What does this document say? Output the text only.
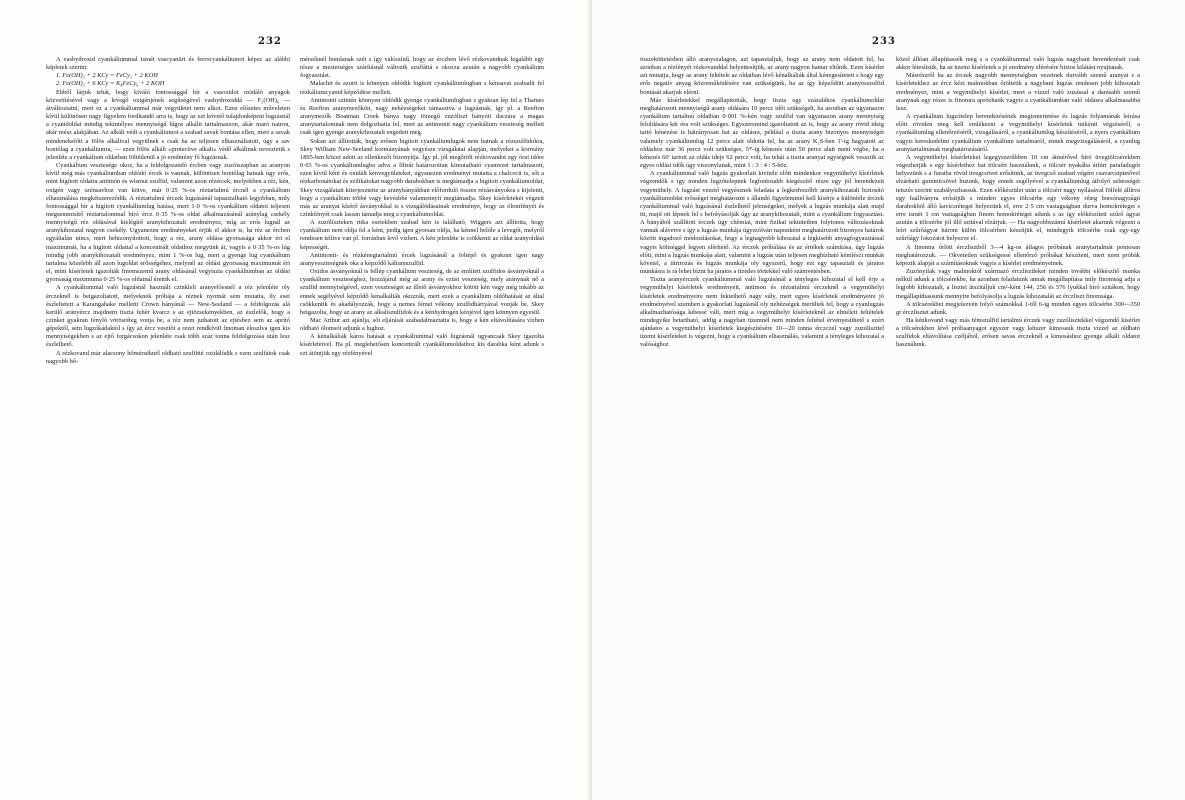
232

A vasbydroxid cyankáliummal ismét vascyanürt és ferrocyankáliumot képez az alábbi képletek szerint:

1. Fe(OH)₂ + 2 KCy = FeCy₂ + 2 KOH

2. Fe(OH)₂ + 6 KCy = K₄FeCy₆ + 2 KOH

Ebből látjuk tehát, hogy kiváló fontossággal bír a vasoxidot oxidáló anyagok közvetítésével vagy a levegő oxigénjének segítségével vashydroxiddá — F₂(OH)₆ — átváltoztatni, mert ez a cyankáliummal már vegyületet nem alkot. Ezen előzetes műveleten kívül különösen nagy figyelem fordítandó arra is, hogy az ezt követő tulajdonképeni lugzásnál a cyanidoldat mindig tekintélyes mennyiségű lúgos alkálit tartalmazzon, akár maró natron, akár mész alakjában. Az alkáli védi a cyankáliumot a szabad savak bontása ellen, mert a savak mindenekelőtt a fölös alkálival vegyülnek s csak ha az teljesen elhasználtatott, úgy a sav bontólag a cyankáliumra, — ezen fölös alkáli »protective alkali« védő alkálinak neveztetik s jelenléte a cyankálium oldatban föltétlenül a jó eredmény fő lugzásnak.

Cyankálium vesztesége okoz, ha a feldolgozandó ércben vagy zuzóiszapban az aranyon kívül még más cyankáliumban oldódó ércek is vannak, különösen bontólag hatnak úgy erős, mint higított oldatra antimón és wismut szulfid, valamint azon rézércek, melyekben a réz, kén, oxigén vagy szénsavhoz van kötve, már 0·25 %-os réztartalmú ércnél a cyankálium elhasználása megkétszereződik. A réztartalmú érczek lugzásánál tapasztalható legjobban, mily fontossággal bír a higított cyankáliumlug hatása, mert 1·0 %-os cyankálium oldatot teljesen megsemmisítő réztartalommal bíró ércz 0·35 %-os oldat alkalmazásánál aránylag csekély mennyiségű réz oldásával kielégítő aranykihozatalt eredményez, míg az erős lugnál az aranykihozatal nagyon csekély. Ugyanezen eredményeket érjük el akkor is, ha réz az ércben egyáltalán nincs, mert behizonyítottott, hogy a réz, arany oldása gyorsasága akkor éri el maximumát, ha a higított oldattal a koncentrált oldathoz megyünk át, vagyis a 0·35 %-os lúg mindig jobb aranykihozatalt eredményez, mint 1 %-os lug, mert a gyenge lug cyankálium tartalma közelebb áll azon lugoldat erősségéhez, melynél az oldási gyorsaság maximumát éri el, mint kísérletek igazolták finomszemű arany oldásánál vegyiszta cyankáliumban az oldási gyorsaság maximuma 0·25 %-os oldatnál érettik el.

A cyankáliummal való lugzásnál használt czinkleli aranyelőesnél a réz jelenléte oly érczeknél is beigazoltatott, melyeknek próbája a réznek nyomát sem mutatta, ily eset észleltetett a Karangahake melletti Crown bányánál — New-Seeland — a feldolgozás alá kerülő arányércz majdnem tiszta fehér kvarcz s az ejtözsekényekben, az észlelők, hogy a czinket gyakran fényló vörösréteg vonja be, a réz nem juthatott az ejtésbez sem az aprító gépektől, sem lugzókádaktól s így az ércz vesztőt a rezet rendkívül finoman eloszlva igen kis mennyiségekben s az ejtő forgácsokon jelenléte csak több száz tonna feldolgozása után lesz észlelhető.

A rézkovand már alacsony hőmérséknél oldható szulfitté oxidálódik s ezen szulfátok csak nagyobb hő-

mérséknél bomlanak szét s így valószínű, hogy az érczben lévő rézkovandnak legalább egy része a mesterséges szárításnál változik szulfáttá s okozza azután a nagyobb cyankálium fogyasztást.

Malachit és azurit is könnyen oldódik higított cyankáliumlugban s kénsavat szabadít fel rézkáliumcyanid képződése mellett.

Antimonit szintén könnyen oldódik gyenge cyankáliumlugban s gyakran lép fel a Thames és Reefton aranymezőkön, nagy nehézségeket támasztva a lugzásnak, így pl. a Reefton aranymezők Boatman Creek bánya nagy tömegű zuzóliszt hányóit daczára a magas aranytartalomnak nem dolgozhatta fel, mert az antimonit nagy cyankálium veszteség mellett csak igen gyenge aranykihozatalt engedett meg.

Sokan azt állították, hogy erősen higított cyankáliumlugok nem hatnak a rézszulfidokra, Skey William New-Seeland kormányának vegyésze vizsgálatai alapján, melyeket a kormány 1895-ben közzé adott az ellenkezőt bizonyítja. Így pl. jól megőrölt rézkovandot egy órai időre 0·03 %-os cyankáliumlugba adva a filtrát határozottan kimutatható cyanrezet tartalmazott, ezen kívül ként és oxidált kénvegyületeket, ugyanezen eredményt mutatta a chalcocit is, sőt a rézkarbonátokat és szilikátokat nagyobb darabokban is megtámadja a higított cyankáliumoldat, Skey vizsgálatait kiterjesztette az aranybányákban előforduló összes rézásványokra s kijelenti, hogy a cyankálium többé vagy kevésbbé valamennyit megtámadja. Skey kísérleteket végzett más az aranyat kísérő ásványokkal is s vizsgálódásainak eredménye, hogy az ólomfényét és czinkfényét csak lassan támadja meg a cyankáliumoldat.

A zuzóliszteken ritka esetekben szabad kén is található, Wiggers azt állította, hogy cyankálium nem oldja fel a ként, pedig igen gyorsan oldja, ha kénnel belóle a levegőt, melyről rendesen telítve van pl. forrásban levő vízben. A kén jelenléte is csökkenti az oldat aranyoldási képességét.

Antimonit- és rézkénegtartalmú ércek lugzásánál a feltépő és gyakran igen nagy aranyveszteségnek oka a képződő káliumszulfid.

Oxidos ásványoknál is fellép cyankálium veszteség, de az említett szulfidos ásványoknál a cyankálium veszteséghez, hozzájárul még az arany és ezüst veszteség, mely aránynak nő a szulfid mennyiségével, ezen veszteséget az illető ásványokhoz kötött kén vagy még inkább az ennek segélyével képződő kénalkáliák okozzák, mert ezek a cyankálium oldóhatását az által csökkentik és akadályozzák, hogy a nemes fémet vékony szulfidhártyával vonják be. Skey beigazolta, hogy az arany az alkaliszulfidok és a kénhydrogén kénjével igen könnyen egyesül.

Mac Arthur azt ajánlja, sőt eljárását szabadalmaztatta is, hogy a kén eltávolítására vízben oldható ólomsót adjunk a lughoz.

A kénalkáliák káros hatását a cyankáliummal való lugzásnál ugyancsak Skey igazolta kísérleteivel. Ha pl. meglehetősen koncentrált cyankáliumoldathoz kis darabka ként adunk s ezt átöntjük egy rézfényével

233

összeköttetésben álló aranyszalagon, azt tapasztaljuk, hogy az arany nem oldatott fel, ha azonban a rézfényét rézkovanddal helyettesítjük, az arany nagyon hamar eltűnik. Ezen kísérlet azt mutatja, hogy az arany feltétele az oldatban lévő kénalkáliák által kénegesítetett s hogy egy erős negatív anyag közreműködésére van szükségünk, ha az így képződött aranyosszulfid bontását akarjuk elérni.

Más kísérletekkel megállapították, hogy tiszta egy százalékos cyankáliumoldat meghatározott mennyiségű arany oldására 10 percz időt szükségelt, ha azonban az ugyanazon cyankálium tartalmú oldatban 0·001 %-kén vagy szulfid van ugyanazon arany mennyiség feloldására két óra volt szükséges. Egyszersmind igazoltatott az is, hogy az arany rövid ideig tartó kénezése is hátrányosan hat az oldásra, például a tiszta arany bizonyos mennyiségét valamely cyankáliumlug 12 percz alatt oldotta fel, ha az arany K₂S-ben 1'-ig hagyatott az oldáshoz már 36 percz volt szükséges, 5⁴'-ig kénezés után 50 percz alatt ment végbe, ha a kénezés 60' tartott az oldás ideje 62 percz volt, ha tehát a tiszta aranyat egységnek vesszük az egyes oldási idők úgy viszonylanak, mint 1 : 3 : 4 : 5-höz.

A cyankáliummal való lugzás gyakorlati kivitele előtt mindenkor vegymühelyi kísérletek végzendők s így minden lugzótelepnek legfontosabb kiegészítő része egy jól berendezett vegymühely. A lugzást vezető vegyésznek feladata a legkedvezőbb aranykihozatalt biztosító cyankáliumoldat erősséget meghatározni s állandó figyelemmel kell kísérje a különféle érczek cyankáliummal való lugzásánál észlelhető jelenségeket, melyek a lugzás munkája alatt majd itt, majd ott lépnek fel s befolyásolják úgy az aranykihozatalt, mint a cyankálium fogyasztást. A bányából szállított érczek úgy chémiai, mint fizikai tekintetben folytonos változásoknak vannak alávetve s így a lugzás munkája úgyszólván naponként meghatározott bizonyos határok között ingadozó módosításokat, hogy a legnagyobb kihozatal a legkisebb anyagfogyasztással vagyis költséggel legyen elérhető. Az érczek próbálása és az értékek számítása, úgy lugzás előtt, mint a lugzás munkája alatt, valamint a lugzás után teljesen megbízható kémlészi munkát követel, a titrirozás és lugzás munkája oly egyszerű, hogy ezt egy tapasztalt és járatos munkásra is rá lehet bízni ha járatos a tizedes törtekkel való számvetésben.

Tiszta aranyérczek cyankáliummal való lugzásánál a tényleges kihozatal el kell érje a vegymühelyi kísérletek eredményeit, antimon és réztartalmú érczeknél a vegymühelyi kísérletek eredményeire nem fektethető nagy súly, mert egyes kísérletek eredményeire jó eredményével szemben a gyakorlati lugzásnál oly nehézségek merültek fel, hogy a cyanlugzás alkalmazhatósága kétessé vált, mert míg a vegymühelyi kísérleteknél az elméleti feltételek mindegyike betartható, addig a nagyban üzemnél nem minden feltétel érvényesíthető s ezért ajánlatos a vegymühelyi kísérletek kiegészítésére 10—20 tonna érczczel vagy zuzóliszttel üzemi kísérleteket is végezni, hogy a cyankálium elhasználás, valamint a tényleges kihozatal a valósághoz

közel állóan állapíttassék meg s a cyankáliummal való lugzás nagybani berendezését csak akkor létesítsük, ha az üzemi kísérletek a jó eredmény elérésére biztos kilátást nyujtanak.

Másrészről ha az érczek nagyobb mennyiségben vezetnek durvább szemű aranyat s a kísérletekhez az ércz kézi malmokban őröltetik a nagybani lugzás rendesen jobb kihozatalt eredményez, mint a vegymühelyi kísérlet, mert a vízzel való zuzással a darásabb szemű aranynak egy része is finomra aprózhatik vagyis a cyankáliumban való oldásra alkalmasabbá lesz.

A cyankálium lugzótelep berendezésének megismertetése és lugzás folyamának leírása előtt röviden meg kell emlékezni a vegymühelyi kísérletek mikénti végzéséről, a cyankáliumlug ellenőrzéséről, vizsgálásáról, a cyankáliumlug készítéséről, a nyers cyankálium vagyis kereskedelmi cyankálium cyankálium tartalmáról, ennek megvizsgálásáról, a cyanlug aranytartalmának meghatározásáról.

A vegymühelyi kísérleteket legegyszerűbben 10 cm átmérővel bíró üvegtölcsérekben végezhetjük s egy kísérlethez hat tölcsért használunk, a tölcsér nyakába átfúrt parafadugót helyezünk s a furatba rövid üvegcsövet erősítünk, az üvegcső szabad végére csavarcsiptetővel elzárható gummicsövet huzunk, hogy ennek segélyével a cyankáliumlug átfolyó sebességét tetszés szerint szabályozhassuk. Ezen előkészület után a tölcsért nagy nyílásával fölfelé állítva egy faállványra erősítjük s minden egyes tölcsérbe egy vékony réteg borsónagyságú darabokból álló kavicsréteget helyezünk el, erre 2·5 cm vastagságban durva homokréteget s erre ismét 1 cm vastagságban finom homokréteget adunk s az így előkészített szűrő ágyat azután a tölcsérbe jól illő szitával elzárjuk. — Ha nagyobbszámú kísérletet akarunk végezni a leírt szűrőágyat három külön tölcsérben készítjük el, mindegyik tölcsérbe csak egy-egy szűrőágy fokozatot helyezve el.

A finomra őrlött érczlisztből 3—4 kg-os átlagos próbának aranytartalmát pontosan meghatározzuk. — Okvetetlen szükségessé ellenőrző próbákat készíteni, mert ezen próbák képezik alapját a számításoknak vagyis a kísérlet eredményeinek.

Zuzónyilak vagy malmoktól származó érczlisztleket minden további előkészítő munka nélkül adunk a tölcsérekbe, ha azonban feladatunk annak megállapítása mily finomság adja a legjobb kihozatalt, a lisztet átszitáljuk cm²-ként 144, 256 és 576 lyukkal bíró szitákon, hogy megállapíthassunk mennyire befolyásolja a lugzás kihozatalát az érczliszt finomsága.

A tölcsérekbet megjelezvén folyó számokkal 1-től 6-ig minden egyes tölcsérbe 300—350 gr érczlisztet adunk.

Ha kénkovand vagy más fémszulfid tartalmú érczek vagy zuzólisztekkel végzendő kísérlet a tölcsérekben lévő próbaanyagot egyszer vagy kétszer kimossuk tiszta vízzel az oldható szulfidok eltávolítása czéljából, erősen savas érczeknél a kimosáshoz gyenge alkáli oldatot használunk.
